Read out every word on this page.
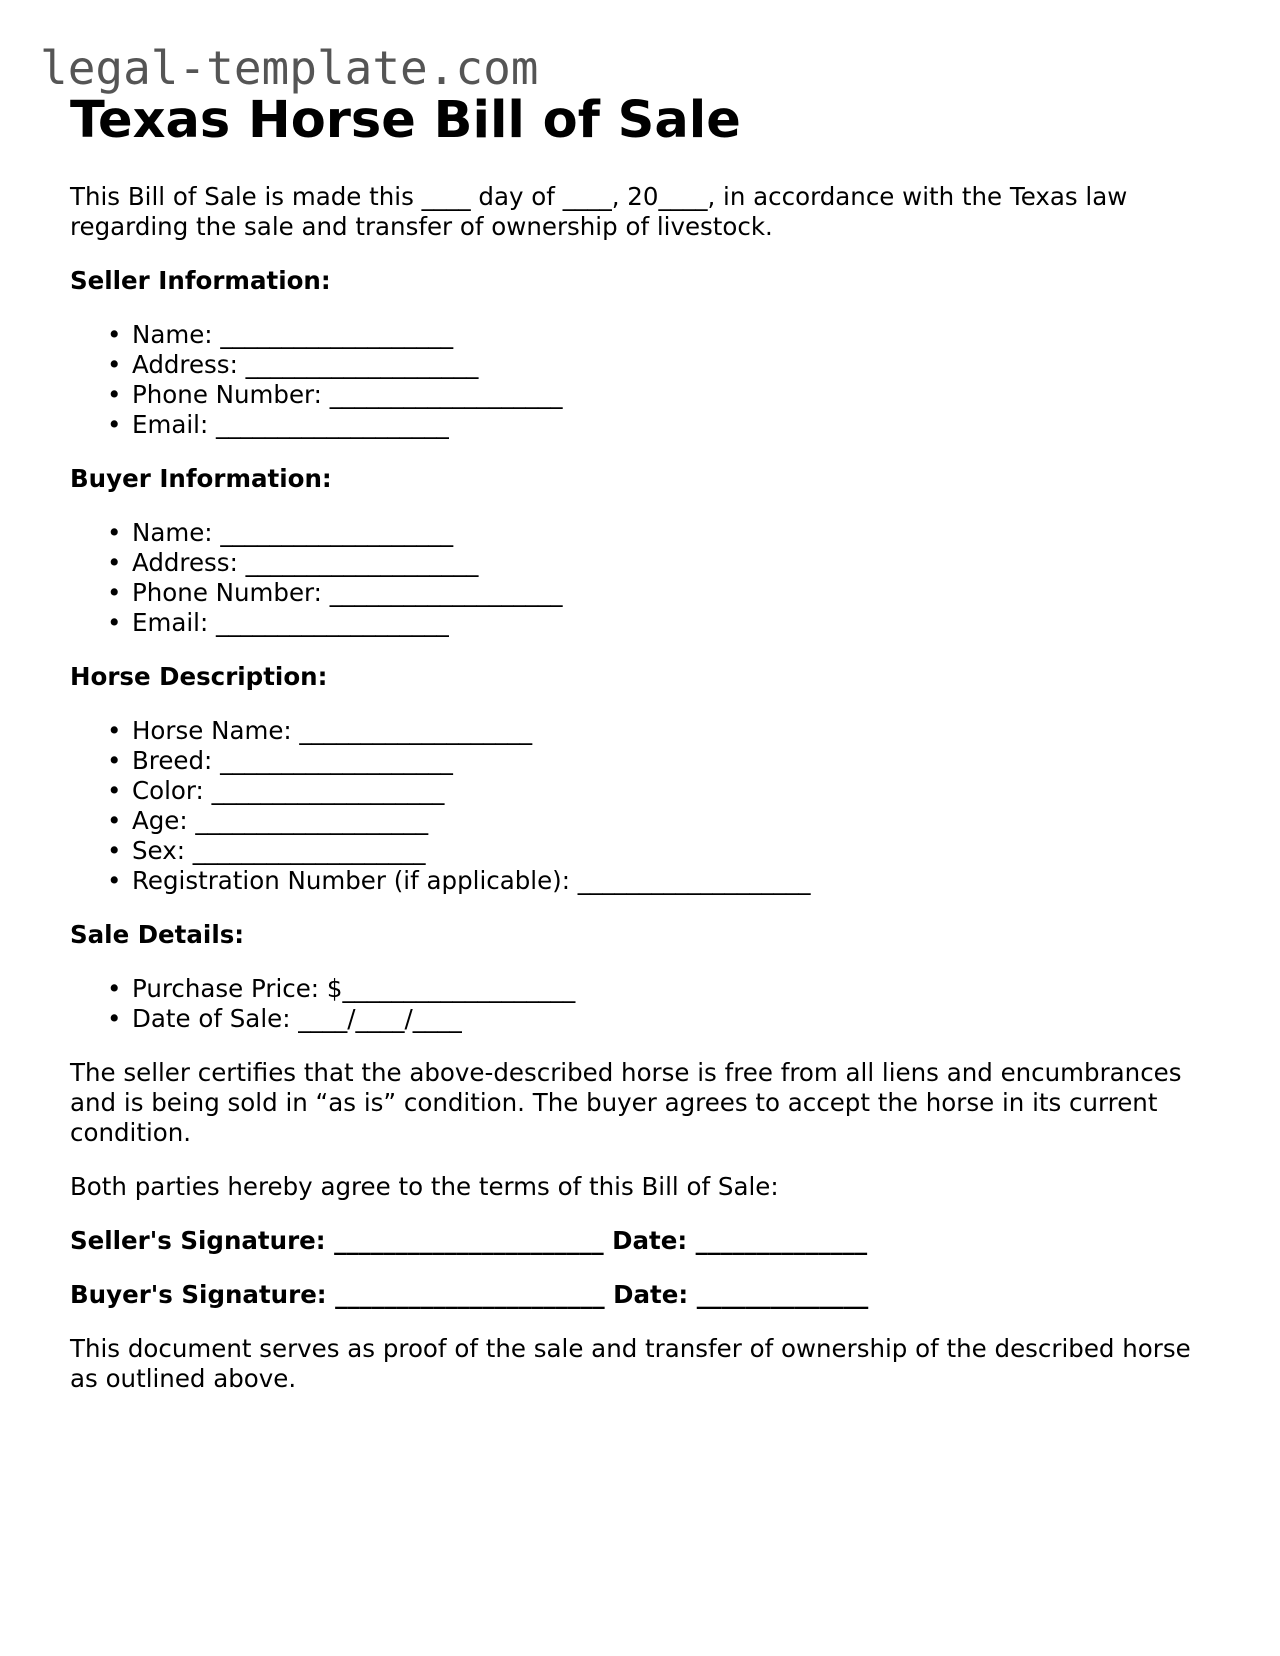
legal-template.com
Texas Horse Bill of Sale

This Bill of Sale is made this ____ day of ____, 20____, in accordance with the Texas law regarding the sale and transfer of ownership of livestock.

Seller Information:
• Name: ___________________
• Address: ___________________
• Phone Number: ___________________
• Email: ___________________
Buyer Information:
• Name: ___________________
• Address: ___________________
• Phone Number: ___________________
• Email: ___________________
Horse Description:
• Horse Name: ___________________
• Breed: ___________________
• Color: ___________________
• Age: ___________________
• Sex: ___________________
• Registration Number (if applicable): ___________________
Sale Details:
• Purchase Price: $___________________
• Date of Sale: ____/____/____

The seller certifies that the above-described horse is free from all liens and encumbrances and is being sold in “as is” condition. The buyer agrees to accept the horse in its current condition.

Both parties hereby agree to the terms of this Bill of Sale:

Seller's Signature: ______________________ Date: ______________
Buyer's Signature: ______________________ Date: ______________

This document serves as proof of the sale and transfer of ownership of the described horse as outlined above.
